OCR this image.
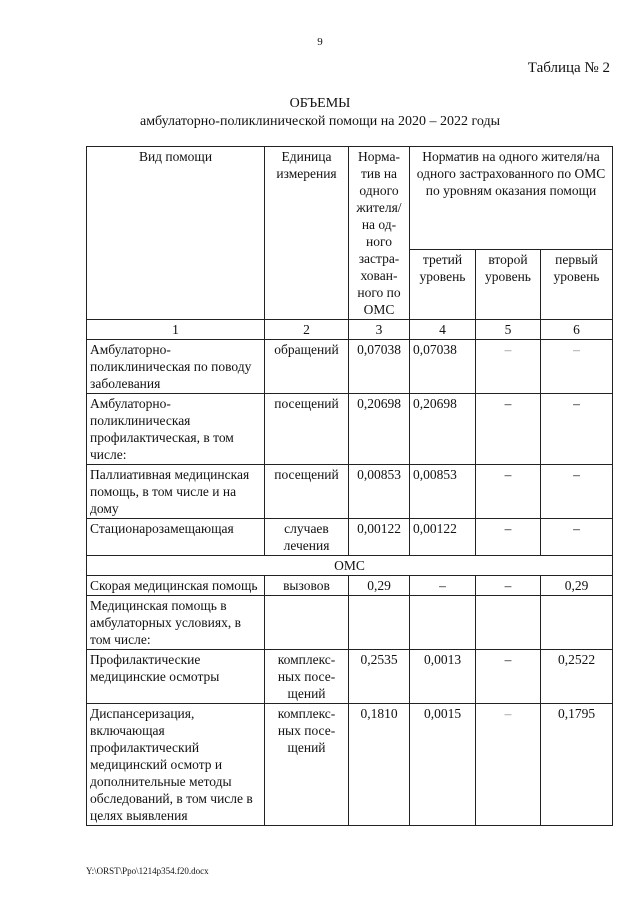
9
Таблица № 2
ОБЪЕМЫ
амбулаторно-поликлинической помощи на 2020 – 2022 годы
Вид помощи	Единица измерения	Норма-тив на одного жителя/ на од-ного застра-хован-ного по ОМС	Норматив на одного жителя/на одного застрахованного по ОМС по уровням оказания помощи		
			третий уровень	второй уровень	первый уровень
1	2	3	4	5	6
Амбулаторно-поликлиническая по поводу заболевания	обращений	0,07038	0,07038	–	–
Амбулаторно-поликлиническая профилактическая, в том числе:	посещений	0,20698	0,20698	–	–
Паллиативная медицинская помощь, в том числе и на дому	посещений	0,00853	0,00853	–	–
Стационарозамещающая	случаев лечения	0,00122	0,00122	–	–
ОМС					
Скорая медицинская помощь	вызовов	0,29	–	–	0,29
Медицинская помощь в амбулаторных условиях, в том числе:					
Профилактические медицинские осмотры	комплекс-ных посе-щений	0,2535	0,0013	–	0,2522
Диспансеризация, включающая профилактический медицинский осмотр и дополнительные методы обследований, в том числе в целях выявления	комплекс-ных посе-щений	0,1810	0,0015	–	0,1795
Y:\ORST\Ppo\1214p354.f20.docx
